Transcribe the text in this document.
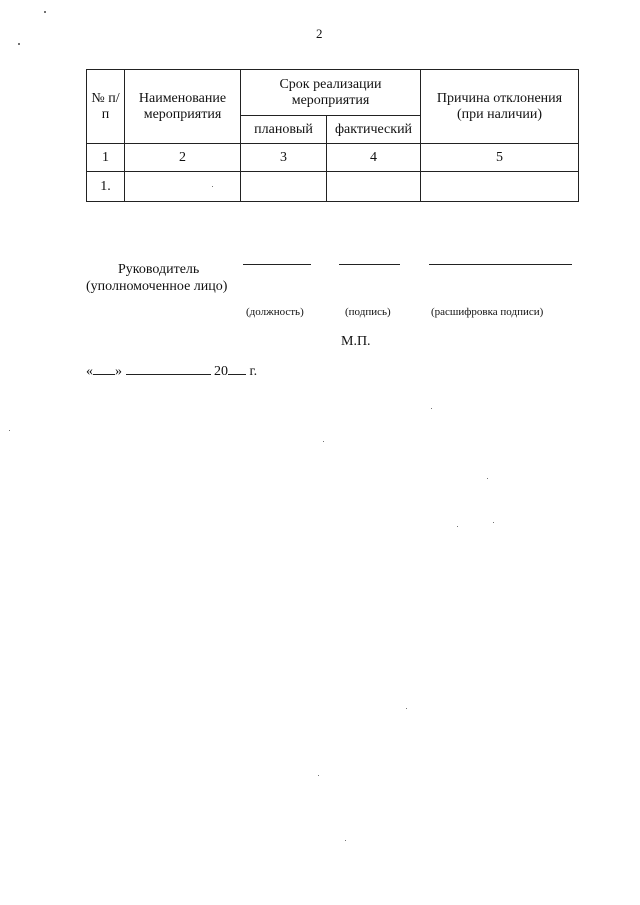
2
№ п/п	Наименование мероприятия	Срок реализации мероприятия		Причина отклонения (при наличии)
		плановый	фактический	
1	2	3	4	5
1.				
Руководитель
(уполномоченное лицо)
(должность)	(подпись)	(расшифровка подписи)
М.П.
« »	20 г.
